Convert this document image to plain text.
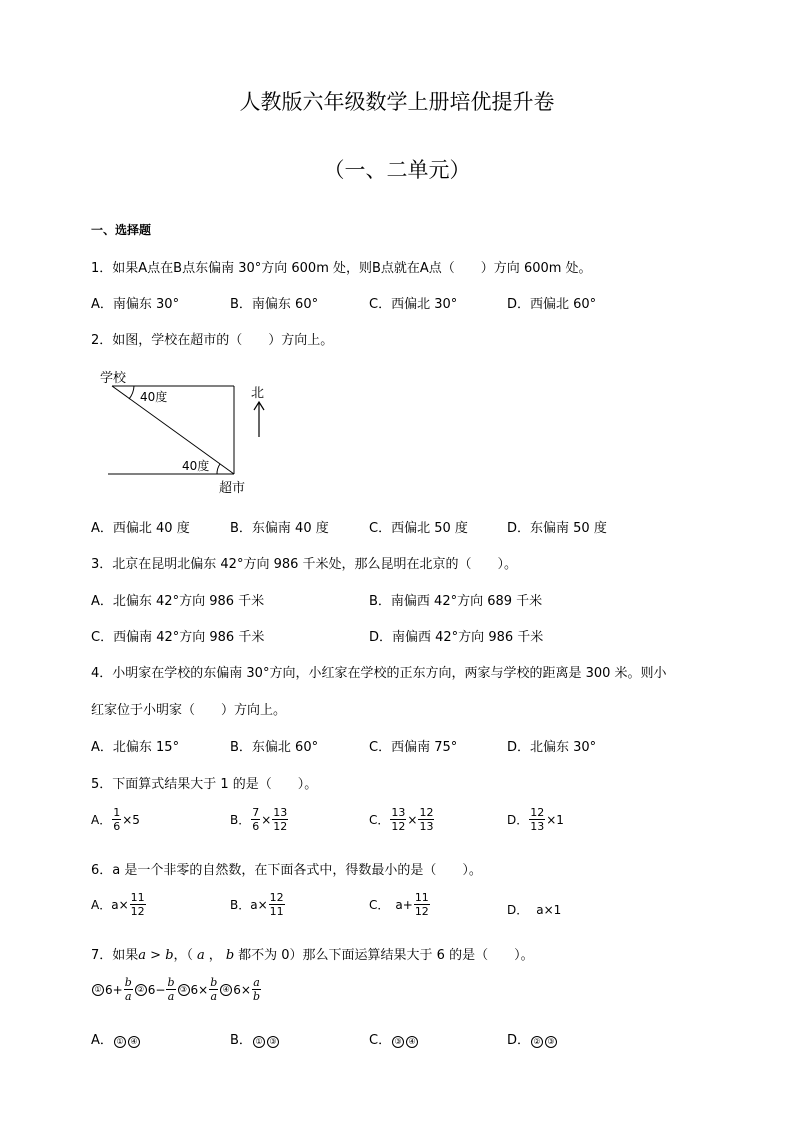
人教版六年级数学上册培优提升卷
（一、二单元）
一、选择题
1．如果A点在B点东偏南 30°方向 600m 处，则B点就在A点（　　）方向 600m 处。
A．南偏东 30°	B．南偏东 60°	C．西偏北 30°	D．西偏北 60°
2．如图，学校在超市的（　　）方向上。
学校
40度
40度
北
超市
A．西偏北 40 度	B．东偏南 40 度	C．西偏北 50 度	D．东偏南 50 度
3．北京在昆明北偏东 42°方向 986 千米处，那么昆明在北京的（　　）。
A．北偏东 42°方向 986 千米	B．南偏西 42°方向 689 千米
C．西偏南 42°方向 986 千米	D．南偏西 42°方向 986 千米
4．小明家在学校的东偏南 30°方向，小红家在学校的正东方向，两家与学校的距离是 300 米。则小
红家位于小明家（　　）方向上。
A．北偏东 15°	B．东偏北 60°	C．西偏南 75°	D．北偏东 30°
5．下面算式结果大于 1 的是（　　）。
A． $\frac{1}{6} \times 5$	B． $\frac{7}{6} \times \frac{13}{12}$	C． $\frac{13}{12} \times \frac{12}{13}$	D． $\frac{12}{13} \times 1$
6．a 是一个非零的自然数，在下面各式中，得数最小的是（　　）。
A． $a\times \frac{11}{12}$	B． $a\times \frac{12}{11}$	C． $a+ \frac{11}{12}$	D． a×1
7．如果a > b，（ a ， b 都不为 0）那么下面运算结果大于 6 的是（　　）。
① $6+ \frac{b}{a}$ ② $6- \frac{b}{a}$ ③ $6\times \frac{b}{a}$ ④ $6\times \frac{a}{b}$
A． ① ④	B． ① ③	C． ③ ④	D． ② ③
